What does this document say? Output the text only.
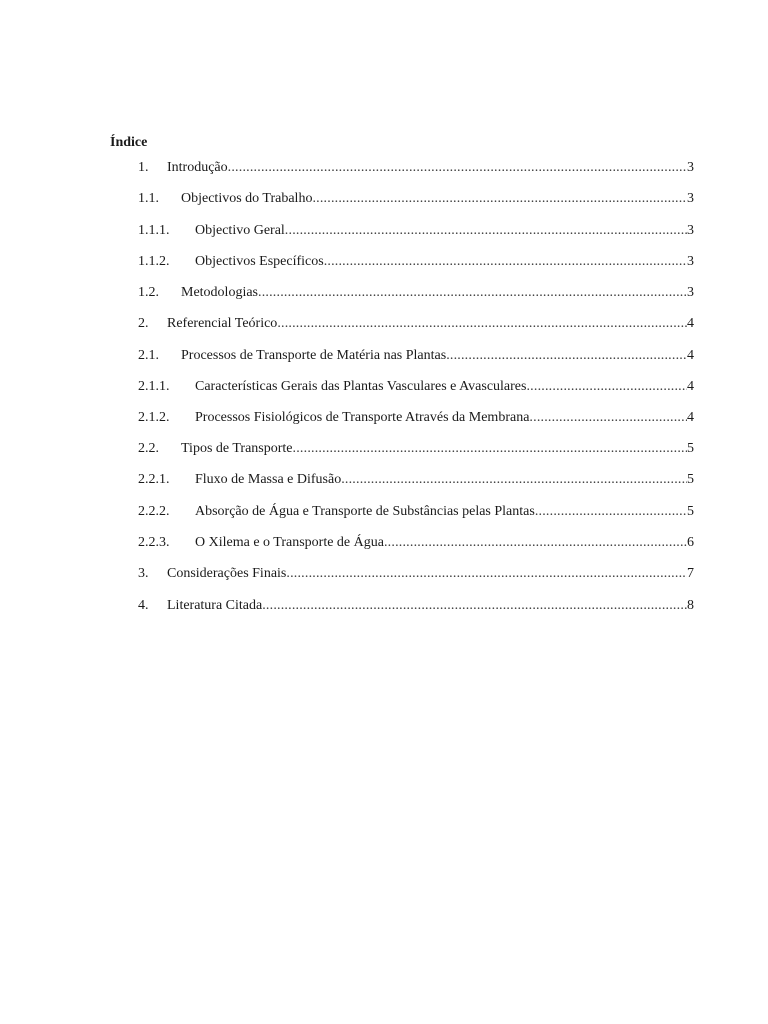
Índice
1.	Introdução .....	3
1.1.	Objectivos do Trabalho .....	3
1.1.1.	Objectivo Geral .....	3
1.1.2.	Objectivos Específicos .....	3
1.2.	Metodologias .....	3
2.	Referencial Teórico .....	4
2.1.	Processos de Transporte de Matéria nas Plantas .....	4
2.1.1.	Características Gerais das Plantas Vasculares e Avasculares .....	4
2.1.2.	Processos Fisiológicos de Transporte Através da Membrana .....	4
2.2.	Tipos de Transporte .....	5
2.2.1.	Fluxo de Massa e Difusão .....	5
2.2.2.	Absorção de Água e Transporte de Substâncias pelas Plantas .....	5
2.2.3.	O Xilema e o Transporte de Água .....	6
3.	Considerações Finais .....	7
4.	Literatura Citada .....	8
